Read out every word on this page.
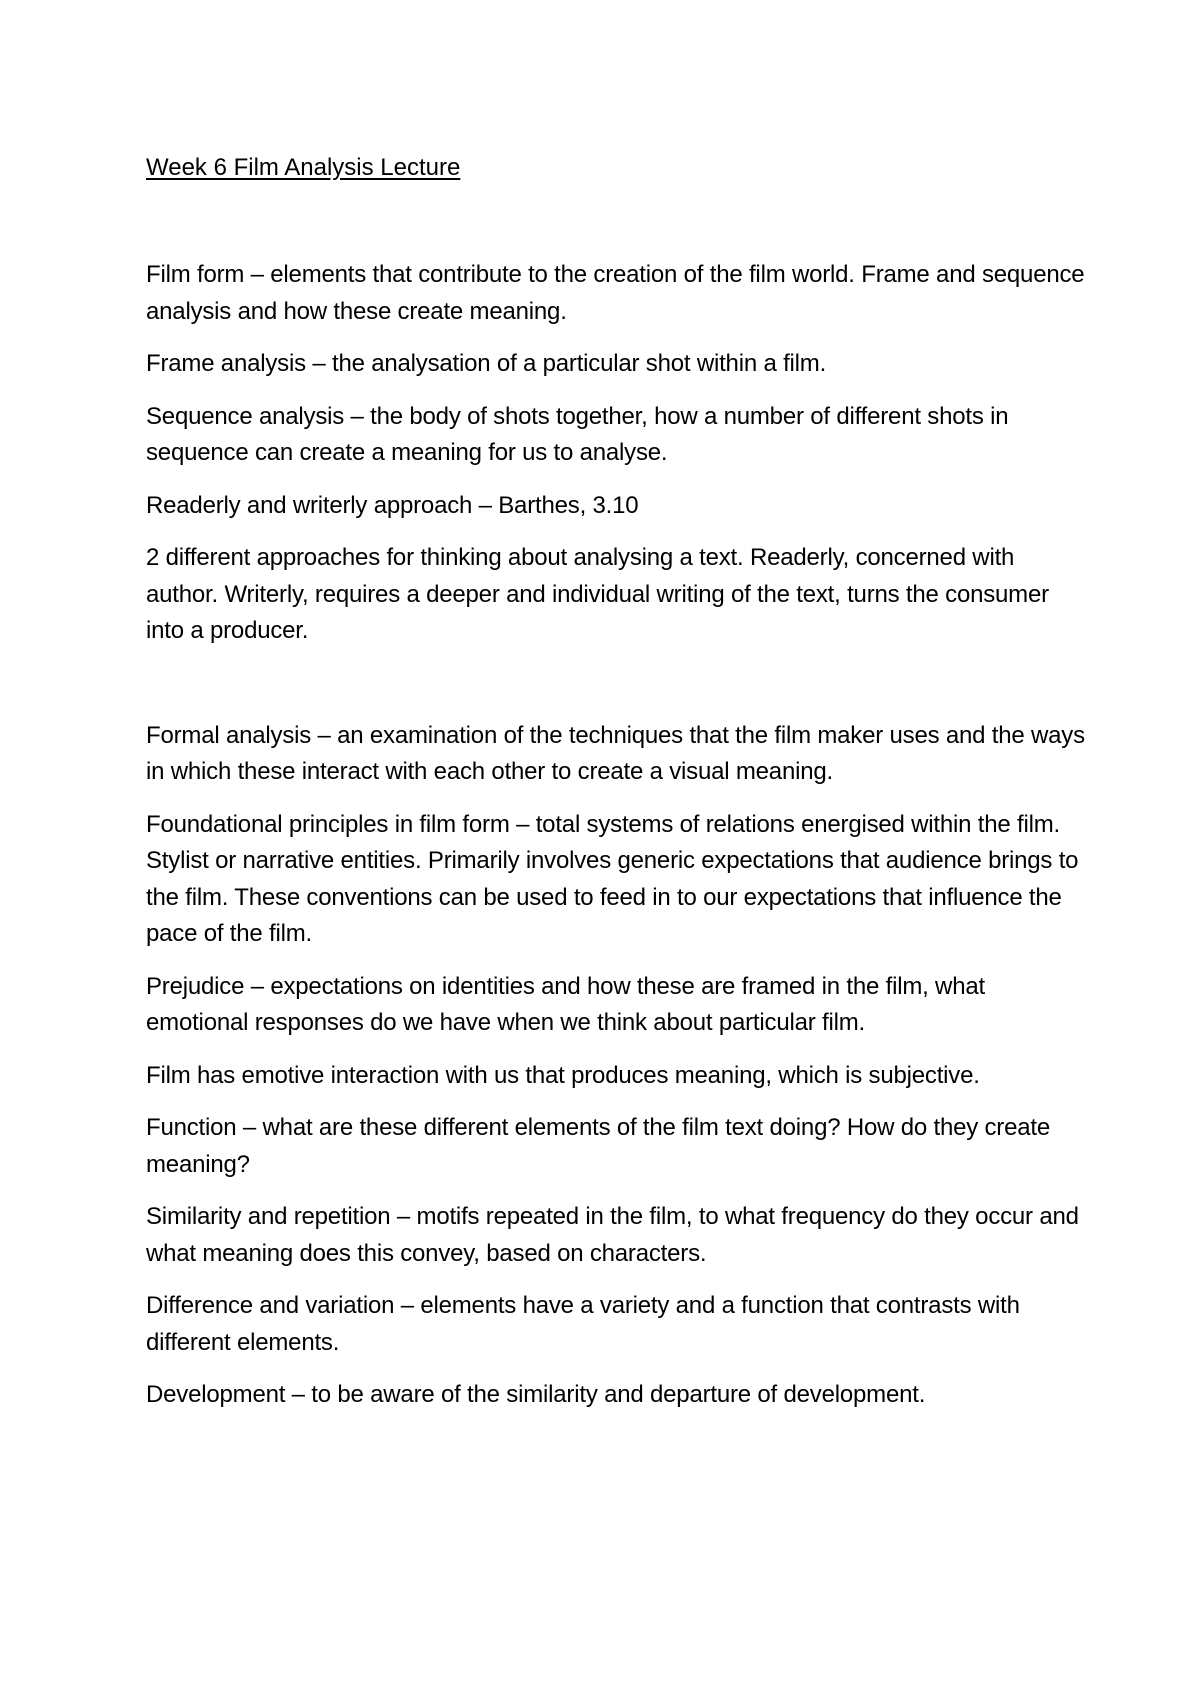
Week 6 Film Analysis Lecture

Film form – elements that contribute to the creation of the film world. Frame and sequence analysis and how these create meaning.

Frame analysis – the analysation of a particular shot within a film.

Sequence analysis – the body of shots together, how a number of different shots in sequence can create a meaning for us to analyse.

Readerly and writerly approach – Barthes, 3.10

2 different approaches for thinking about analysing a text. Readerly, concerned with author. Writerly, requires a deeper and individual writing of the text, turns the consumer into a producer.

Formal analysis – an examination of the techniques that the film maker uses and the ways in which these interact with each other to create a visual meaning.

Foundational principles in film form – total systems of relations energised within the film. Stylist or narrative entities. Primarily involves generic expectations that audience brings to the film. These conventions can be used to feed in to our expectations that influence the pace of the film.

Prejudice – expectations on identities and how these are framed in the film, what emotional responses do we have when we think about particular film.

Film has emotive interaction with us that produces meaning, which is subjective.

Function – what are these different elements of the film text doing? How do they create meaning?

Similarity and repetition – motifs repeated in the film, to what frequency do they occur and what meaning does this convey, based on characters.

Difference and variation – elements have a variety and a function that contrasts with different elements.

Development – to be aware of the similarity and departure of development.
